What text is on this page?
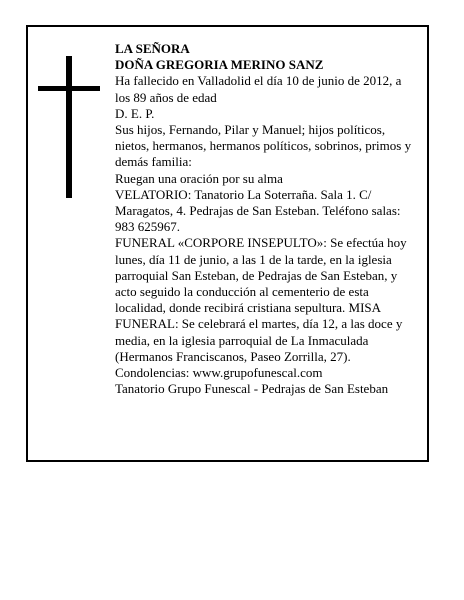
LA SEÑORA

DOÑA GREGORIA MERINO SANZ

Ha fallecido en Valladolid el día 10 de junio de 2012, a los 89 años de edad

D. E. P.

Sus hijos, Fernando, Pilar y Manuel; hijos políticos, nietos, hermanos, hermanos políticos, sobrinos, primos y demás familia:

Ruegan una oración por su alma

VELATORIO: Tanatorio La Soterraña. Sala 1. C/ Maragatos, 4. Pedrajas de San Esteban. Teléfono salas: 983 625967.

FUNERAL «CORPORE INSEPULTO»: Se efectúa hoy lunes, día 11 de junio, a las 1 de la tarde, en la iglesia parroquial San Esteban, de Pedrajas de San Esteban, y acto seguido la conducción al cementerio de esta localidad, donde recibirá cristiana sepultura. MISA FUNERAL: Se celebrará el martes, día 12, a las doce y media, en la iglesia parroquial de La Inmaculada (Hermanos Franciscanos, Paseo Zorrilla, 27).

Condolencias: www.grupofunescal.com

Tanatorio Grupo Funescal - Pedrajas de San Esteban
